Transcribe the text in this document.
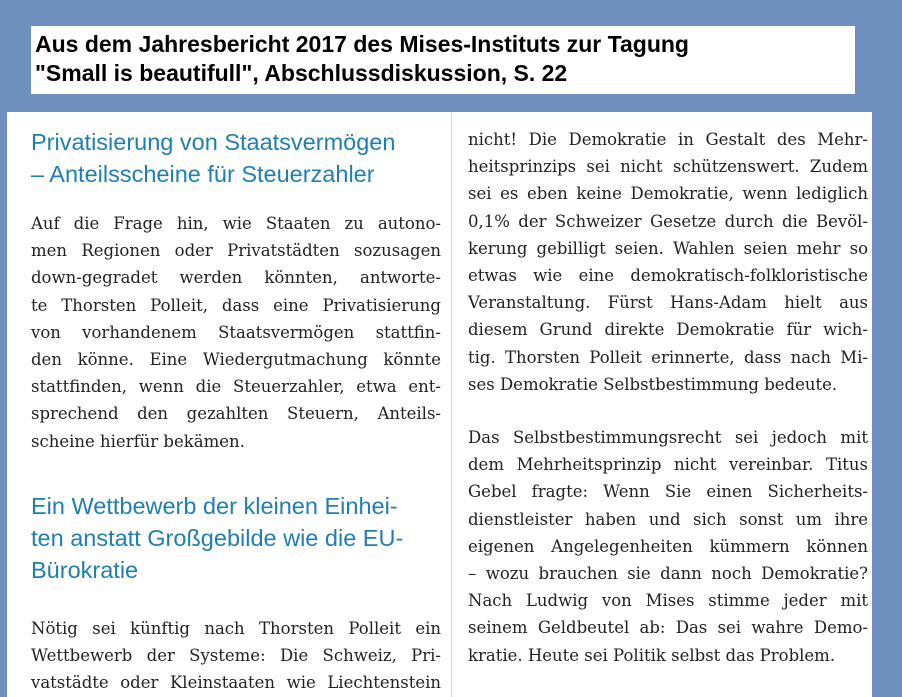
Aus dem Jahresbericht 2017 des Mises-Instituts zur Tagung
"Small is beautifull", Abschlussdiskussion, S. 22
Privatisierung von Staatsvermögen
– Anteilsscheine für Steuerzahler
Auf die Frage hin, wie Staaten zu autono-
men Regionen oder Privatstädten sozusagen
down-gegradet werden könnten, antworte-
te Thorsten Polleit, dass eine Privatisierung
von vorhandenem Staatsvermögen stattfin-
den könne. Eine Wiedergutmachung könnte
stattfinden, wenn die Steuerzahler, etwa ent-
sprechend den gezahlten Steuern, Anteils-
scheine hierfür bekämen.
Ein Wettbewerb der kleinen Einhei-
ten anstatt Großgebilde wie die EU-
Bürokratie
Nötig sei künftig nach Thorsten Polleit ein
Wettbewerb der Systeme: Die Schweiz, Pri-
vatstädte oder Kleinstaaten wie Liechtenstein
nicht! Die Demokratie in Gestalt des Mehr-
heitsprinzips sei nicht schützenswert. Zudem
sei es eben keine Demokratie, wenn lediglich
0,1% der Schweizer Gesetze durch die Bevöl-
kerung gebilligt seien. Wahlen seien mehr so
etwas wie eine demokratisch-folkloristische
Veranstaltung. Fürst Hans-Adam hielt aus
diesem Grund direkte Demokratie für wich-
tig. Thorsten Polleit erinnerte, dass nach Mi-
ses Demokratie Selbstbestimmung bedeute.
Das Selbstbestimmungsrecht sei jedoch mit
dem Mehrheitsprinzip nicht vereinbar. Titus
Gebel fragte: Wenn Sie einen Sicherheits-
dienstleister haben und sich sonst um ihre
eigenen Angelegenheiten kümmern können
– wozu brauchen sie dann noch Demokratie?
Nach Ludwig von Mises stimme jeder mit
seinem Geldbeutel ab: Das sei wahre Demo-
kratie. Heute sei Politik selbst das Problem.
